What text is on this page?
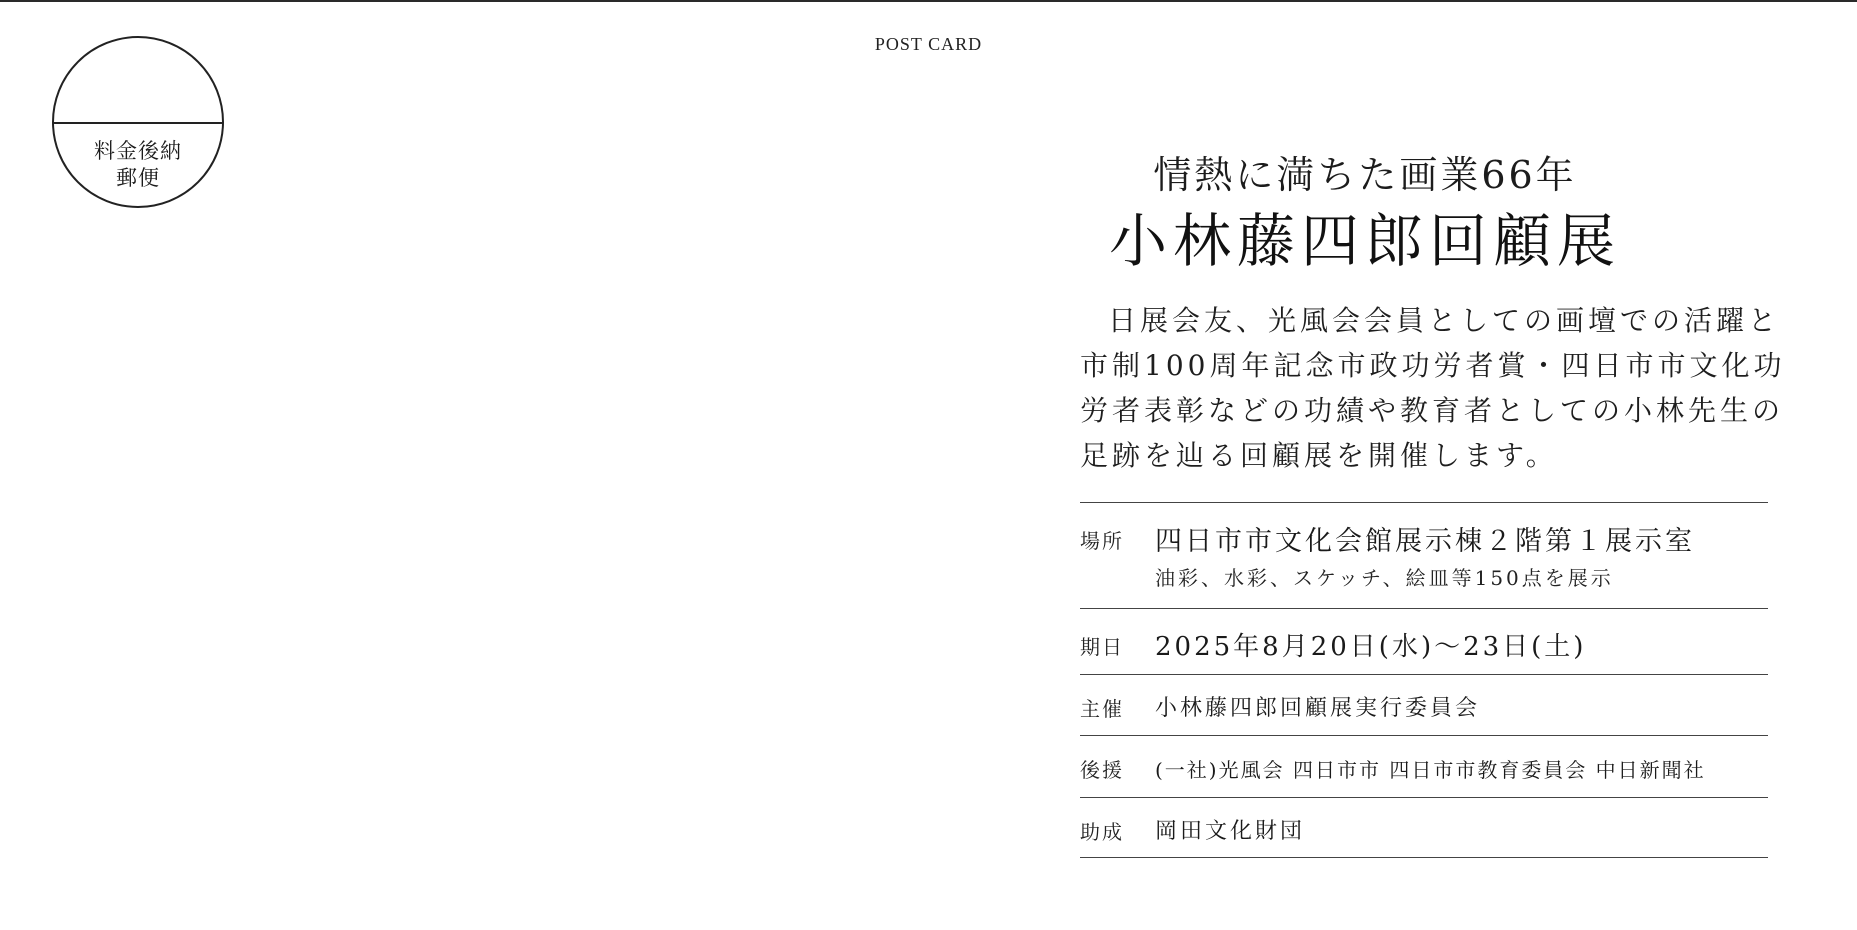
POST CARD
料金後納
郵便	情熱に満ちた画業66年
小林藤四郎回顧展
日展会友、光風会会員としての画壇での活躍と
市制100周年記念市政功労者賞・四日市市文化功
労者表彰などの功績や教育者としての小林先生の
足跡を辿る回顧展を開催します。
場所 四日市市文化会館展示棟２階第１展示室
油彩、水彩、スケッチ、絵皿等150点を展示
期日 2025年8月20日(水)～23日(土)
主催 小林藤四郎回顧展実行委員会
後援 (一社)光風会 四日市市 四日市市教育委員会 中日新聞社
助成 岡田文化財団
